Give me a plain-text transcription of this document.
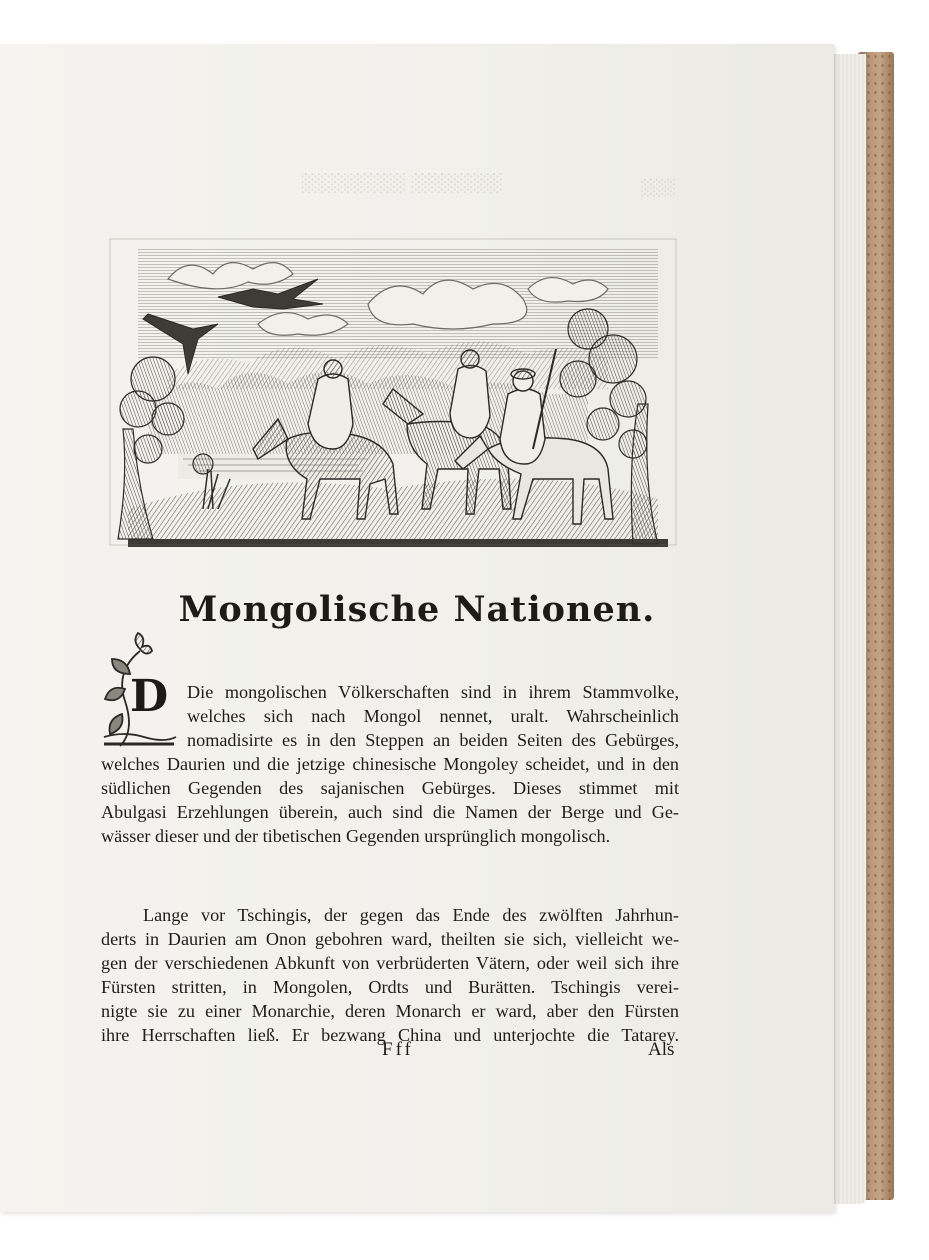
░░░░░░░ ░░░░░░░░	░░░
Mongolische Nationen.
D	Die mongolischen Völkerschaften sind in ihrem Stammvolke,
welches sich nach Mongol nennet, uralt. Wahrscheinlich
nomadisirte es in den Steppen an beiden Seiten des Gebürges,
welches Daurien und die jetzige chinesische Mongoley scheidet, und in den
südlichen Gegenden des sajanischen Gebürges. Dieses stimmet mit
Abulgasi Erzehlungen überein, auch sind die Namen der Berge und Ge-
wässer dieser und der tibetischen Gegenden ursprünglich mongolisch.

Lange vor Tschingis, der gegen das Ende des zwölften Jahrhun-
derts in Daurien am Onon gebohren ward, theilten sie sich, vielleicht we-
gen der verschiedenen Abkunft von verbrüderten Vätern, oder weil sich ihre
Fürsten stritten, in Mongolen, Ordts und Burätten. Tschingis verei-
nigte sie zu einer Monarchie, deren Monarch er ward, aber den Fürsten
ihre Herrschaften ließ. Er bezwang China und unterjochte die Tatarey.

Fff	Als
